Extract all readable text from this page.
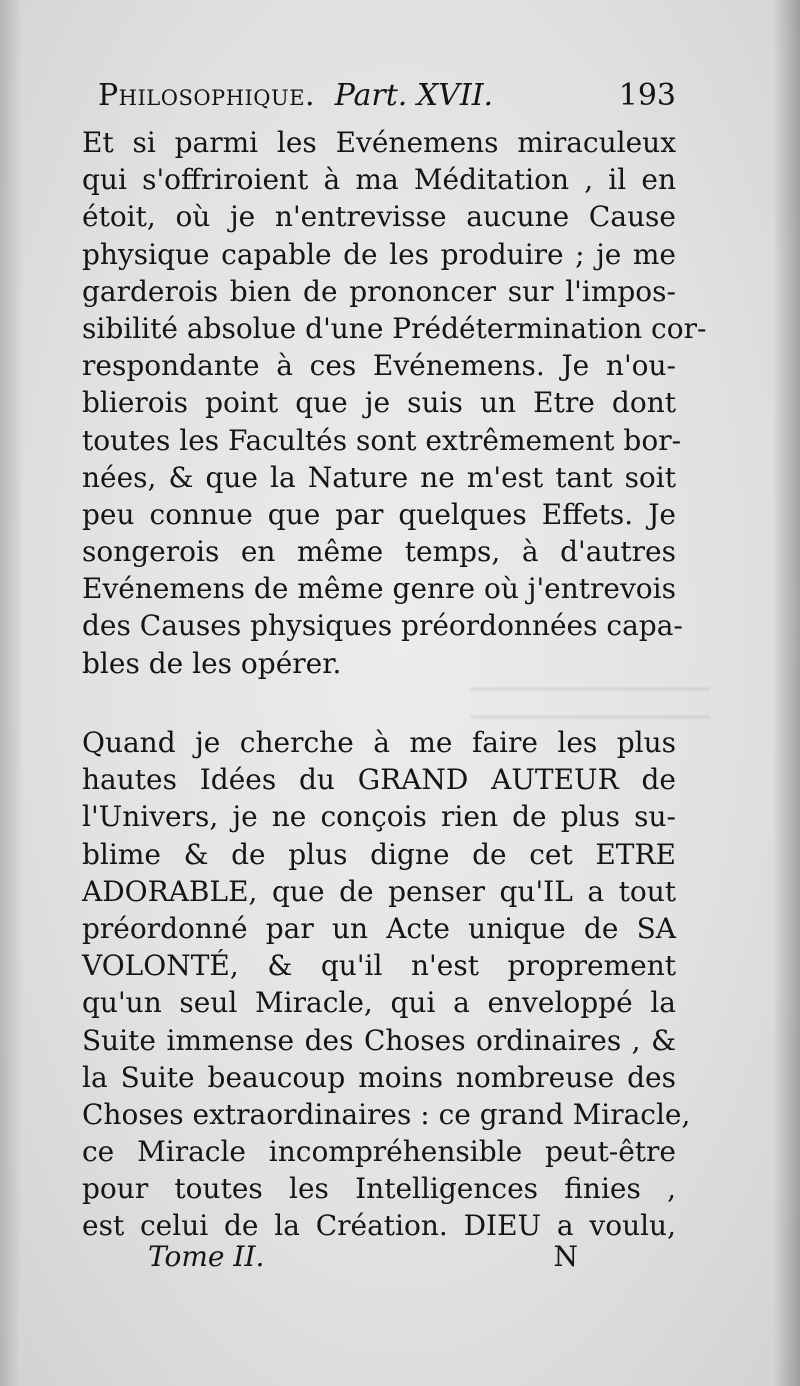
Philosophique. Part. XVII.	193
Et si parmi les Evénemens miraculeux
qui s'offriroient à ma Méditation , il en
étoit, où je n'entrevisse aucune Cause
physique capable de les produire ; je me
garderois bien de prononcer sur l'impos-
sibilité absolue d'une Prédétermination cor-
respondante à ces Evénemens. Je n'ou-
blierois point que je suis un Etre dont
toutes les Facultés sont extrêmement bor-
nées, & que la Nature ne m'est tant soit
peu connue que par quelques Effets. Je
songerois en même temps, à d'autres
Evénemens de même genre où j'entrevois
des Causes physiques préordonnées capa-
bles de les opérer.
Quand je cherche à me faire les plus
hautes Idées du GRAND AUTEUR de
l'Univers, je ne conçois rien de plus su-
blime & de plus digne de cet ETRE
ADORABLE, que de penser qu'IL a tout
préordonné par un Acte unique de SA
VOLONTÉ, & qu'il n'est proprement
qu'un seul Miracle, qui a enveloppé la
Suite immense des Choses ordinaires , &
la Suite beaucoup moins nombreuse des
Choses extraordinaires : ce grand Miracle,
ce Miracle incompréhensible peut-être
pour toutes les Intelligences finies ,
est celui de la Création. DIEU a voulu,
Tome II.	N
